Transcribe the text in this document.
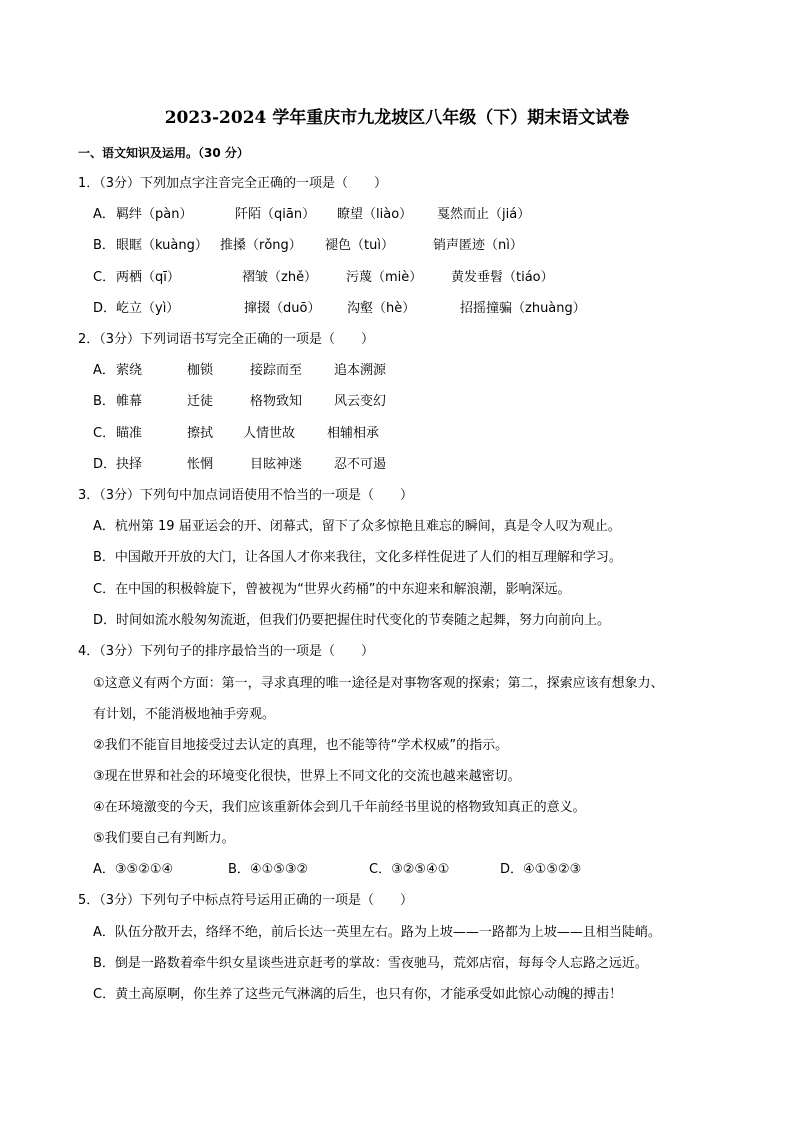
2023-2024 学年重庆市九龙坡区八年级（下）期末语文试卷
一、语文知识及运用。（30 分）
1．（3分）下列加点字注音完全正确的一项是（　　）
A． 羁绊（pàn）	阡陌（qiān） 瞭望（liào） 戛然而止（jiá）
B． 眼眶（kuàng） 推搡（rǒng） 褪色（tuì）	销声匿迹（nì）
C． 两栖（qī）	褶皱（zhě） 污蔑（miè） 黄发垂髫（tiáo）
D． 屹立（yì）	撺掇（duō） 沟壑（hè）	招摇撞骗（zhuàng）
2．（3分）下列词语书写完全正确的一项是（　　）
A． 萦绕	枷锁	接踪而至 追本溯源
B． 帷幕	迁徒	格物致知 风云变幻
C． 瞄准	擦拭 人情世故 相辅相承
D． 抉择	怅惘	目眩神迷 忍不可遏
3．（3分）下列句中加点词语使用不恰当的一项是（　　）
A．杭州第 19 届亚运会的开、闭幕式，留下了众多惊艳且难忘的瞬间，真是令人叹为观止。
B．中国敞开开放的大门，让各国人才你来我往，文化多样性促进了人们的相互理解和学习。
C．在中国的积极斡旋下，曾被视为“世界火药桶”的中东迎来和解浪潮，影响深远。
D．时间如流水般匆匆流逝，但我们仍要把握住时代变化的节奏随之起舞，努力向前向上。
4．（3分）下列句子的排序最恰当的一项是（　　）
①这意义有两个方面：第一，寻求真理的唯一途径是对事物客观的探索；第二，探索应该有想象力、
有计划，不能消极地袖手旁观。
②我们不能盲目地接受过去认定的真理，也不能等待“学术权威”的指示。
③现在世界和社会的环境变化很快，世界上不同文化的交流也越来越密切。
④在环境激变的今天，我们应该重新体会到几千年前经书里说的格物致知真正的意义。
⑤我们要自己有判断力。
A．③⑤②①④	B．④①⑤③②	C．③②⑤④①	D．④①⑤②③
5．（3分）下列句子中标点符号运用正确的一项是（　　）
A．队伍分散开去，络绎不绝，前后长达一英里左右。路为上坡——一路都为上坡——且相当陡峭。
B．倒是一路数着牵牛织女星谈些进京赶考的掌故：雪夜驰马，荒郊店宿，每每令人忘路之远近。
C．黄土高原啊，你生养了这些元气淋漓的后生，也只有你，才能承受如此惊心动魄的搏击！
